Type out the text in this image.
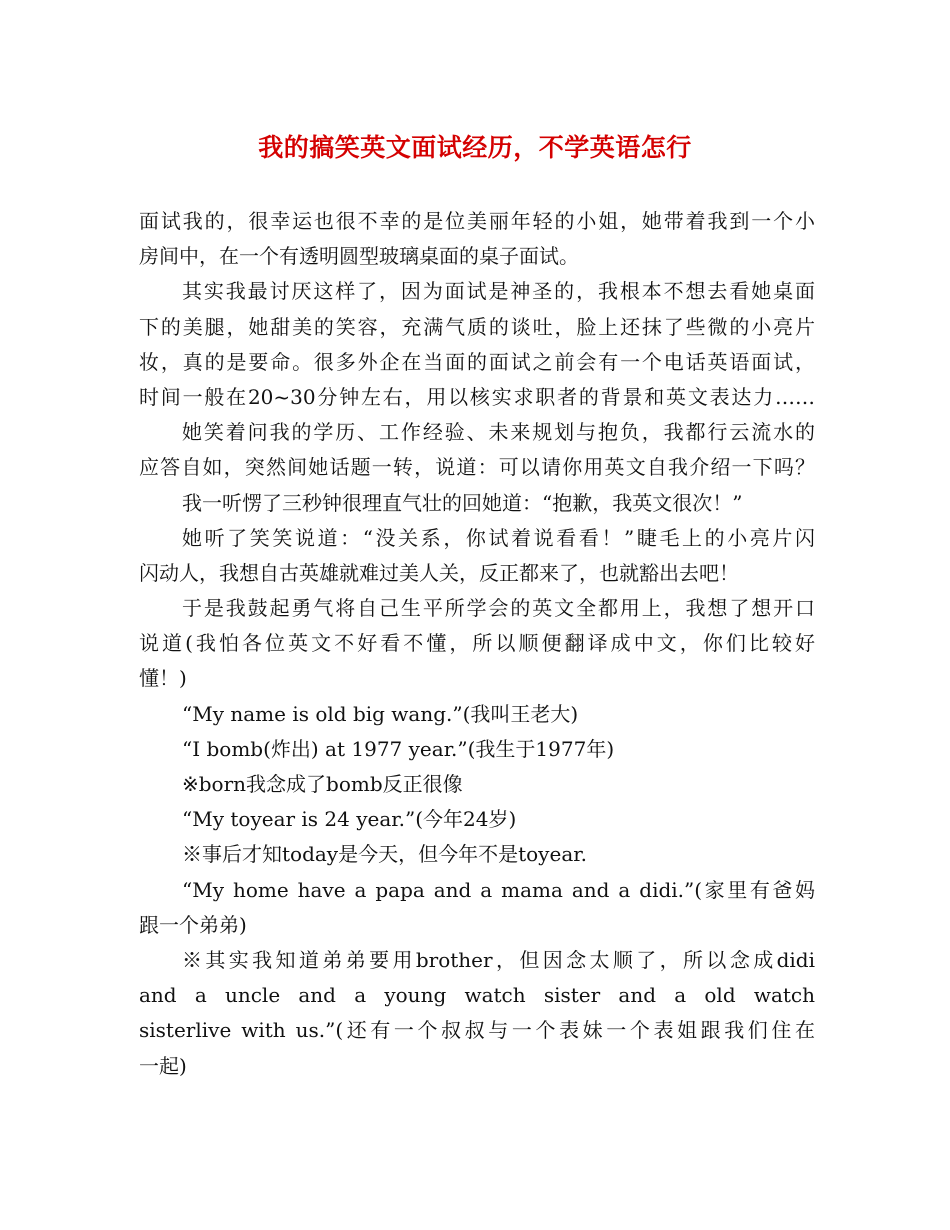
我的搞笑英文面试经历，不学英语怎行
面试我的，很幸运也很不幸的是位美丽年轻的小姐，她带着我到一个小
房间中，在一个有透明圆型玻璃桌面的桌子面试。
其实我最讨厌这样了，因为面试是神圣的，我根本不想去看她桌面
下的美腿，她甜美的笑容，充满气质的谈吐，脸上还抹了些微的小亮片
妆，真的是要命。很多外企在当面的面试之前会有一个电话英语面试，
时间一般在20~30分钟左右，用以核实求职者的背景和英文表达力……
她笑着问我的学历、工作经验、未来规划与抱负，我都行云流水的
应答自如，突然间她话题一转，说道：可以请你用英文自我介绍一下吗？
我一听愣了三秒钟很理直气壮的回她道：“抱歉，我英文很次！”
她听了笑笑说道：“没关系，你试着说看看！”睫毛上的小亮片闪
闪动人，我想自古英雄就难过美人关，反正都来了，也就豁出去吧！
于是我鼓起勇气将自己生平所学会的英文全都用上，我想了想开口
说道(我怕各位英文不好看不懂，所以顺便翻译成中文，你们比较好
懂！)
“My name is old big wang.”(我叫王老大)
“I bomb(炸出) at 1977 year.”(我生于1977年)
※born我念成了bomb反正很像
“My toyear is 24 year.”(今年24岁)
※事后才知today是今天，但今年不是toyear.
“My home have a papa and a mama and a didi.”(家里有爸妈
跟一个弟弟)
※其实我知道弟弟要用brother，但因念太顺了，所以念成didi
and a uncle and a young watch sister and a old watch
sisterlive with us.”(还有一个叔叔与一个表妹一个表姐跟我们住在
一起)
